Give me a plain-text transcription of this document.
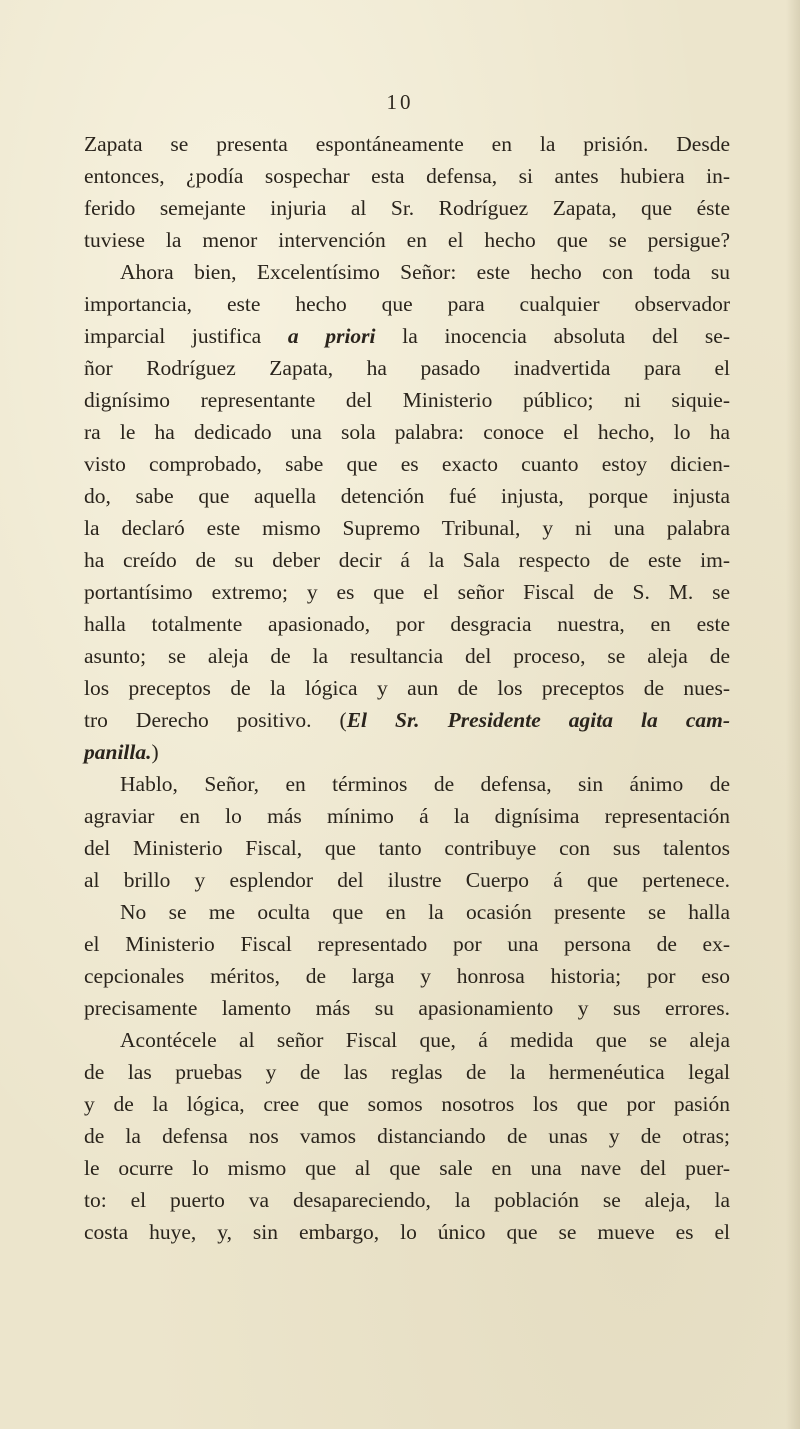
10
Zapata se presenta espontáneamente en la prisión. Desde
entonces, ¿podía sospechar esta defensa, si antes hubiera in-
ferido semejante injuria al Sr. Rodríguez Zapata, que éste
tuviese la menor intervención en el hecho que se persigue?
Ahora bien, Excelentísimo Señor: este hecho con toda su
importancia, este hecho que para cualquier observador
imparcial justifica a priori la inocencia absoluta del se-
ñor Rodríguez Zapata, ha pasado inadvertida para el
dignísimo representante del Ministerio público; ni siquie-
ra le ha dedicado una sola palabra: conoce el hecho, lo ha
visto comprobado, sabe que es exacto cuanto estoy dicien-
do, sabe que aquella detención fué injusta, porque injusta
la declaró este mismo Supremo Tribunal, y ni una palabra
ha creído de su deber decir á la Sala respecto de este im-
portantísimo extremo; y es que el señor Fiscal de S. M. se
halla totalmente apasionado, por desgracia nuestra, en este
asunto; se aleja de la resultancia del proceso, se aleja de
los preceptos de la lógica y aun de los preceptos de nues-
tro Derecho positivo. (El Sr. Presidente agita la cam-
panilla.)
Hablo, Señor, en términos de defensa, sin ánimo de
agraviar en lo más mínimo á la dignísima representación
del Ministerio Fiscal, que tanto contribuye con sus talentos
al brillo y esplendor del ilustre Cuerpo á que pertenece.
No se me oculta que en la ocasión presente se halla
el Ministerio Fiscal representado por una persona de ex-
cepcionales méritos, de larga y honrosa historia; por eso
precisamente lamento más su apasionamiento y sus errores.
Acontécele al señor Fiscal que, á medida que se aleja
de las pruebas y de las reglas de la hermenéutica legal
y de la lógica, cree que somos nosotros los que por pasión
de la defensa nos vamos distanciando de unas y de otras;
le ocurre lo mismo que al que sale en una nave del puer-
to: el puerto va desapareciendo, la población se aleja, la
costa huye, y, sin embargo, lo único que se mueve es el
